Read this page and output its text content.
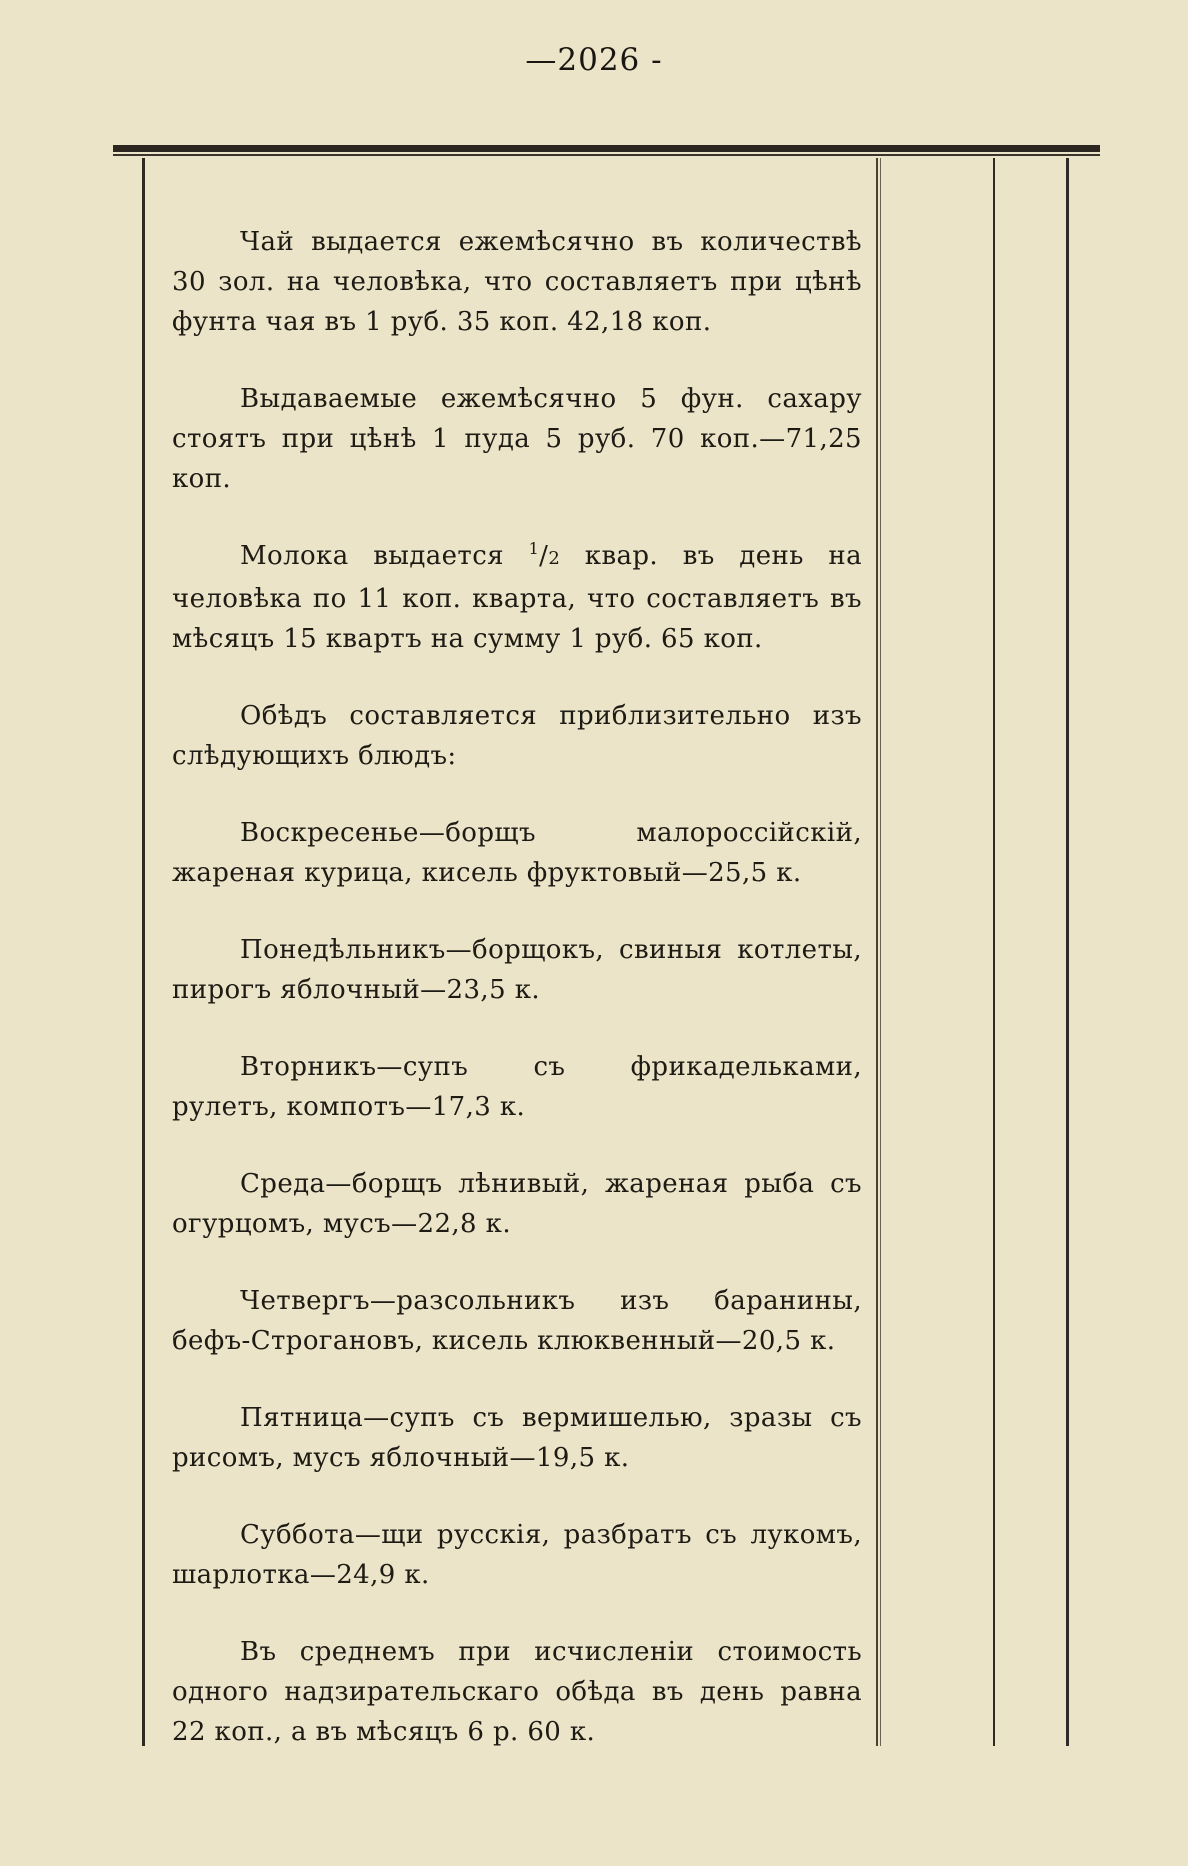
—2026 -

Чай выдается ежемѣсячно въ количествѣ 30 зол. на человѣка, что составляетъ при цѣнѣ фунта чая въ 1 руб. 35 коп. 42,18 коп.

Выдаваемые ежемѣсячно 5 фун. сахару стоятъ при цѣнѣ 1 пуда 5 руб. 70 коп.—71,25 коп.

Молока выдается $^1$/2 квар. въ день на человѣка по 11 коп. кварта, что составляетъ въ мѣсяцъ 15 квартъ на сумму 1 руб. 65 коп.

Обѣдъ составляется приблизительно изъ слѣдующихъ блюдъ:

Воскресенье—борщъ малороссійскій, жареная курица, кисель фруктовый—25,5 к.

Понедѣльникъ—борщокъ, свиныя котлеты, пирогъ яблочный—23,5 к.

Вторникъ—супъ съ фрикадельками, рулетъ, компотъ—17,3 к.

Среда—борщъ лѣнивый, жареная рыба съ огурцомъ, мусъ—22,8 к.

Четвергъ—разсольникъ изъ баранины, бефъ-Строгановъ, кисель клюквенный—20,5 к.

Пятница—супъ съ вермишелью, зразы съ рисомъ, мусъ яблочный—19,5 к.

Суббота—щи русскія, разбратъ съ лукомъ, шарлотка—24,9 к.

Въ среднемъ при исчисленіи стоимость одного надзирательскаго обѣда въ день равна 22 коп., а въ мѣсяцъ 6 р. 60 к.
